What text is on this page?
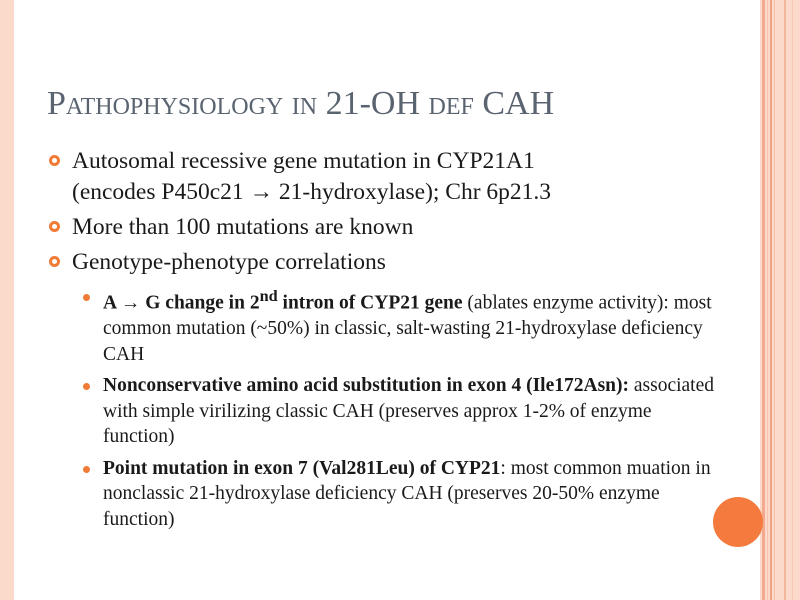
Pathophysiology in 21-OH def CAH
Autosomal recessive gene mutation in CYP21A1
(encodes P450c21 → 21-hydroxylase); Chr 6p21.3
More than 100 mutations are known
Genotype-phenotype correlations
A → G change in 2nd intron of CYP21 gene (ablates enzyme activity): most common mutation (~50%) in classic, salt-wasting 21-hydroxylase deficiency CAH
Nonconservative amino acid substitution in exon 4 (Ile172Asn): associated with simple virilizing classic CAH (preserves approx 1-2% of enzyme function)
Point mutation in exon 7 (Val281Leu) of CYP21: most common muation in nonclassic 21-hydroxylase deficiency CAH (preserves 20-50% enzyme function)
